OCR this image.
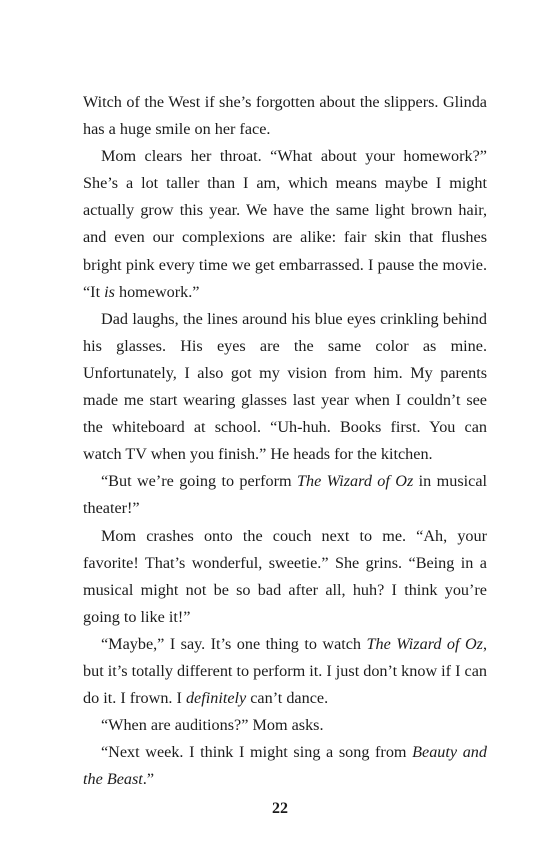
Witch of the West if she’s forgotten about the slippers. Glinda has a huge smile on her face.

Mom clears her throat. “What about your homework?” She’s a lot taller than I am, which means maybe I might actually grow this year. We have the same light brown hair, and even our complexions are alike: fair skin that flushes bright pink every time we get embarrassed. I pause the movie. “It is homework.”

Dad laughs, the lines around his blue eyes crinkling behind his glasses. His eyes are the same color as mine. Unfortunately, I also got my vision from him. My parents made me start wearing glasses last year when I couldn’t see the whiteboard at school. “Uh-huh. Books first. You can watch TV when you finish.” He heads for the kitchen.

“But we’re going to perform The Wizard of Oz in musical theater!”

Mom crashes onto the couch next to me. “Ah, your favorite! That’s wonderful, sweetie.” She grins. “Being in a musical might not be so bad after all, huh? I think you’re going to like it!”

“Maybe,” I say. It’s one thing to watch The Wizard of Oz, but it’s totally different to perform it. I just don’t know if I can do it. I frown. I definitely can’t dance.

“When are auditions?” Mom asks.

“Next week. I think I might sing a song from Beauty and the Beast.”

22
